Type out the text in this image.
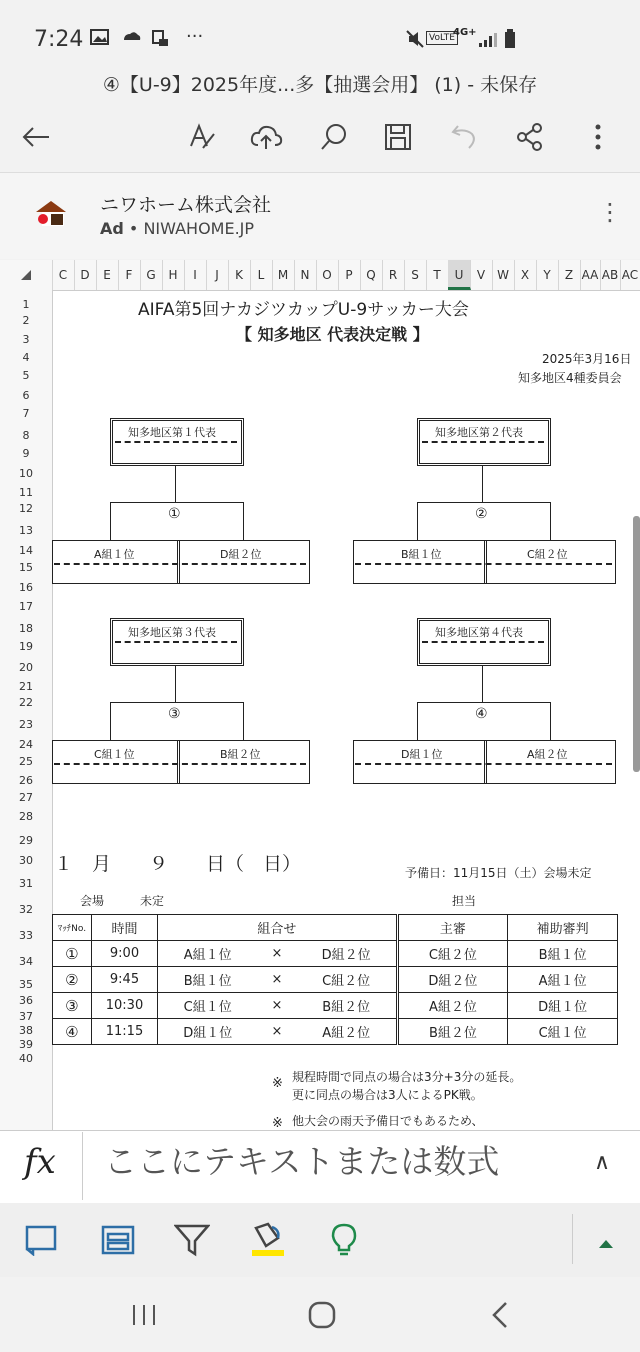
7:24	···	VoLTE
4G+
④【U-9】2025年度...多【抽選会用】 (1) - 未保存
ニワホーム株式会社
Ad • NIWAHOME.JP
⋮
C	D	E	F	G	H	I	J	K	L	M	N	O	P	Q	R	S	T	U	V W X	Y	Z AA AB AC
1
2
3
4
5
6
7
8
9
10
11
12
13
14
15
16
17
18
19
20
21
22
23
24
25
26
27
28
29
30
31
32
33
34
35
36
37
38
39
40
AIFA第5回ナカジツカップU-9サッカー大会
【 知多地区 代表決定戦 】
2025年3月16日
知多地区4種委員会
知多地区第１代表
①
A組１位	D組２位
知多地区第２代表
②
B組１位	C組２位
知多地区第３代表
③
C組１位	B組２位
知多地区第４代表
④
D組１位	A組２位
１　月　　９　　日（　日）	予備日：11月15日（土）会場未定
会場	未定	担当
ﾏｯﾁNo.	時間	組合せ			主審	補助審判
①	9:00	A組１位	×	D組２位	C組２位	B組１位
②	9:45	B組１位	×	C組２位	D組２位	A組１位
③	10:30	C組１位	×	B組２位	A組２位	D組１位
④	11:15	D組１位	×	A組２位	B組２位	C組１位
※ 規程時間で同点の場合は3分+3分の延長。
更に同点の場合は3人によるPK戦。
※ 他大会の雨天予備日でもあるため、
fx ここにテキストまたは数式	∧
